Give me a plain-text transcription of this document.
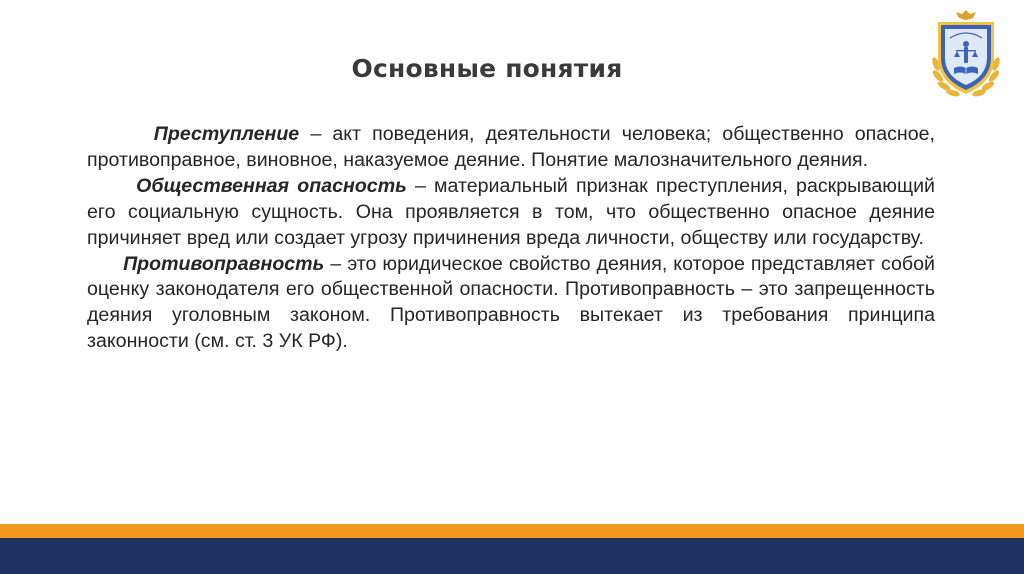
Основные понятия

Преступление – акт поведения, деятельности человека; общественно опасное, противоправное, виновное, наказуемое деяние. Понятие малозначительного деяния.

Общественная опасность – материальный признак преступления, раскрывающий его социальную сущность. Она проявляется в том, что общественно опасное деяние причиняет вред или создает угрозу причинения вреда личности, обществу или государству.

Противоправность – это юридическое свойство деяния, которое представляет собой оценку законодателя его общественной опасности. Противоправность – это запрещенность деяния уголовным законом. Противоправность вытекает из требования принципа законности (см. ст. 3 УК РФ).
